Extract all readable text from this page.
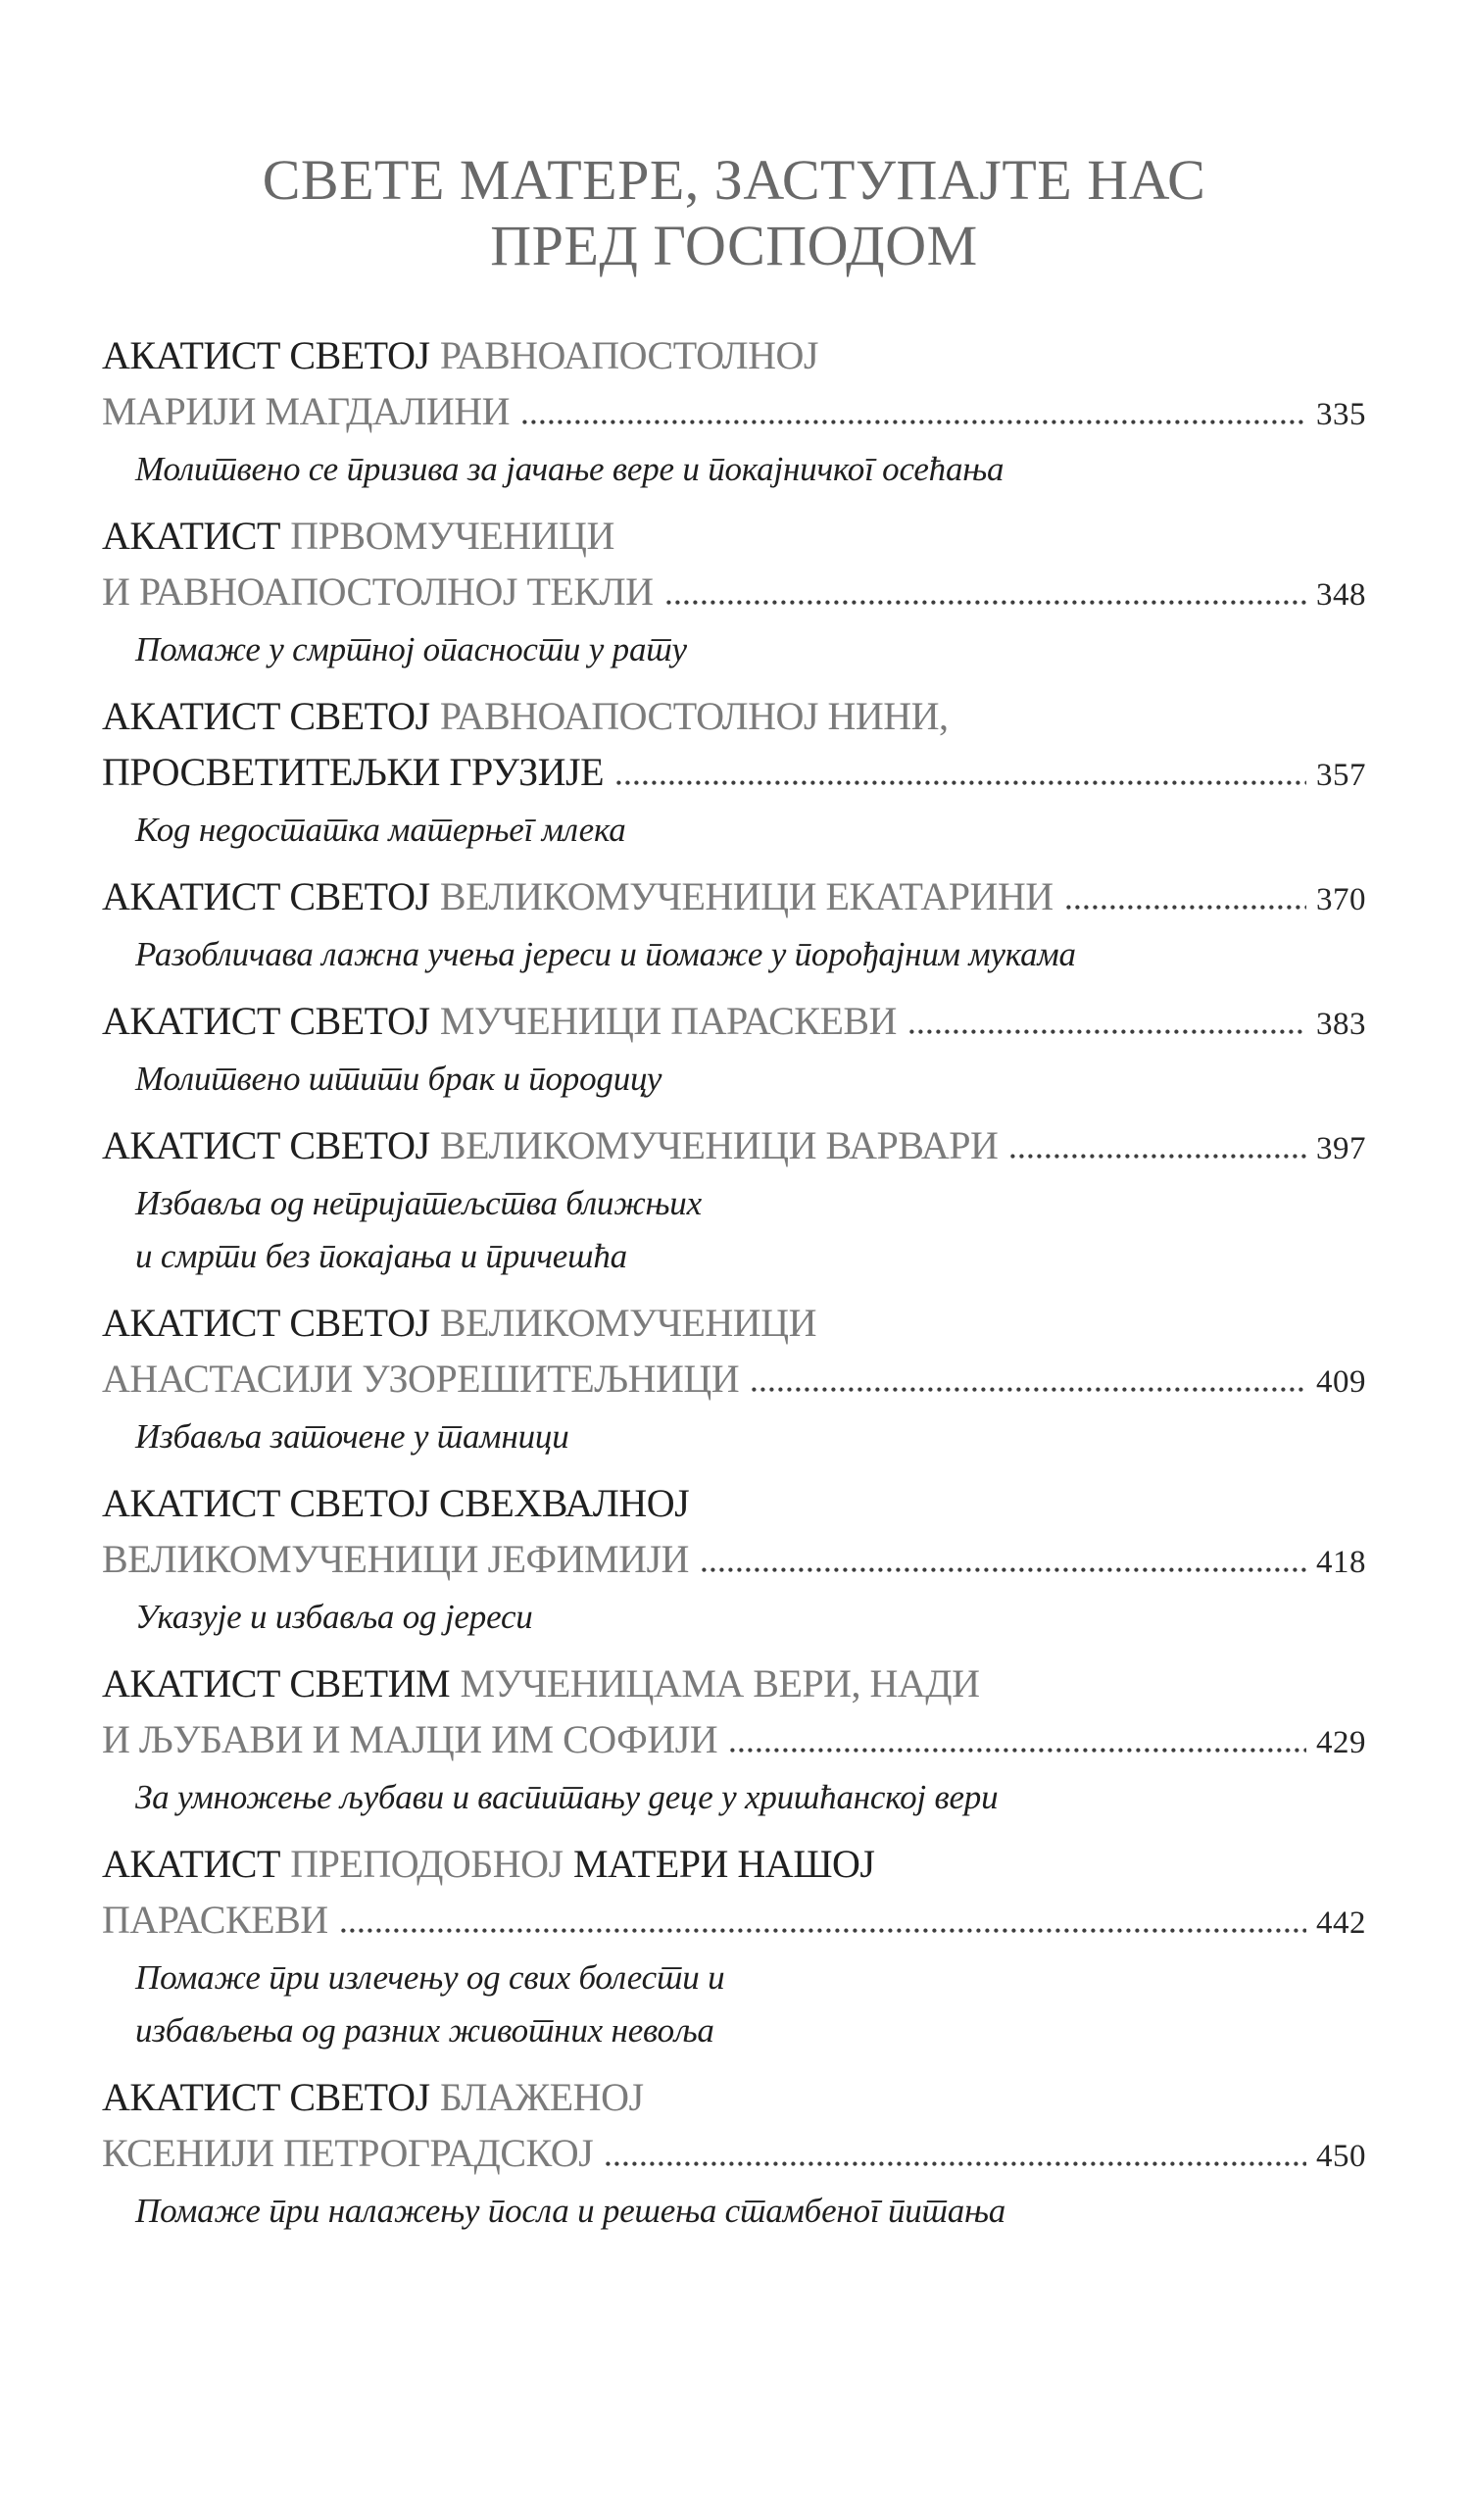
СВЕТЕ МАТЕРЕ, ЗАСТУПАЈТЕ НАС
ПРЕД ГОСПОДОМ
АКАТИСТ СВЕТОЈ РАВНОАПОСТОЛНОЈ
МАРИЈИ МАГДАЛИНИ	335
Молитвено се призива за јачање вере и покајничког осећања
АКАТИСТ ПРВОМУЧЕНИЦИ
И РАВНОАПОСТОЛНОЈ ТЕКЛИ	348
Помаже у смртној опасности у рату
АКАТИСТ СВЕТОЈ РАВНОАПОСТОЛНОЈ НИНИ,
ПРОСВЕТИТЕЉКИ ГРУЗИЈЕ	357
Код недостатка матерњег млека
АКАТИСТ СВЕТОЈ ВЕЛИКОМУЧЕНИЦИ ЕКАТАРИНИ	370
Разобличава лажна учења јереси и помаже у порођајним мукама
АКАТИСТ СВЕТОЈ МУЧЕНИЦИ ПАРАСКЕВИ	383
Молитвено штити брак и породицу
АКАТИСТ СВЕТОЈ ВЕЛИКОМУЧЕНИЦИ ВАРВАРИ	397
Избавља од непријатељства ближњих
и смрти без покајања и причешћа
АКАТИСТ СВЕТОЈ ВЕЛИКОМУЧЕНИЦИ
АНАСТАСИЈИ УЗОРЕШИТЕЉНИЦИ	409
Избавља заточене у тамници
АКАТИСТ СВЕТОЈ СВЕХВАЛНОЈ
ВЕЛИКОМУЧЕНИЦИ ЈЕФИМИЈИ	418
Указује и избавља од јереси
АКАТИСТ СВЕТИМ МУЧЕНИЦАМА ВЕРИ, НАДИ
И ЉУБАВИ И МАЈЦИ ИМ СОФИЈИ	429
За умножење љубави и васпитању деце у хришћанској вери
АКАТИСТ ПРЕПОДОБНОЈ МАТЕРИ НАШОЈ
ПАРАСКЕВИ	442
Помаже при излечењу од свих болести и
избављења од разних животних невоља
АКАТИСТ СВЕТОЈ БЛАЖЕНОЈ
КСЕНИЈИ ПЕТРОГРАДСКОЈ	450
Помаже при налажењу посла и решења стамбеног питања
